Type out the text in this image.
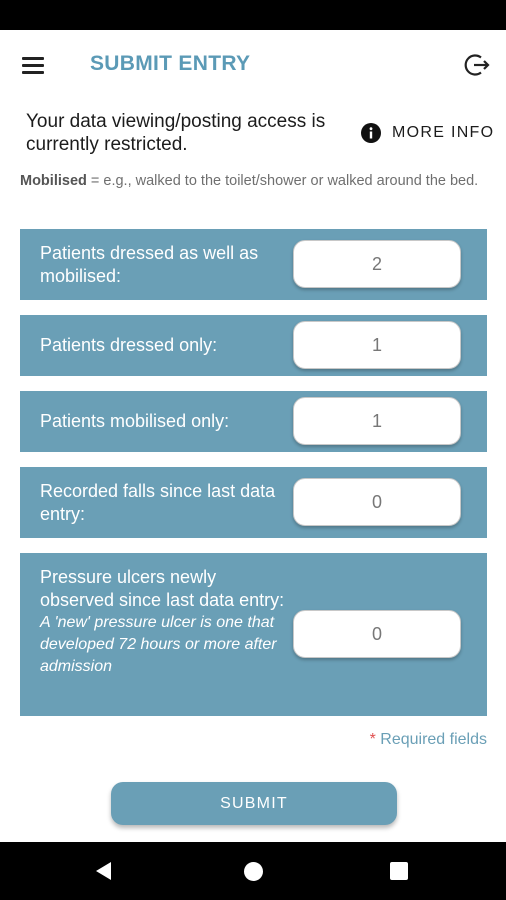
SUBMIT ENTRY
Your data viewing/posting access is currently restricted.
MORE INFO
Mobilised = e.g., walked to the toilet/shower or walked around the bed.
Patients dressed as well as mobilised:
2
Patients dressed only:
1
Patients mobilised only:
1
Recorded falls since last data entry:
0
Pressure ulcers newly observed since last data entry:
A 'new' pressure ulcer is one that developed 72 hours or more after admission
0
* Required fields
SUBMIT
